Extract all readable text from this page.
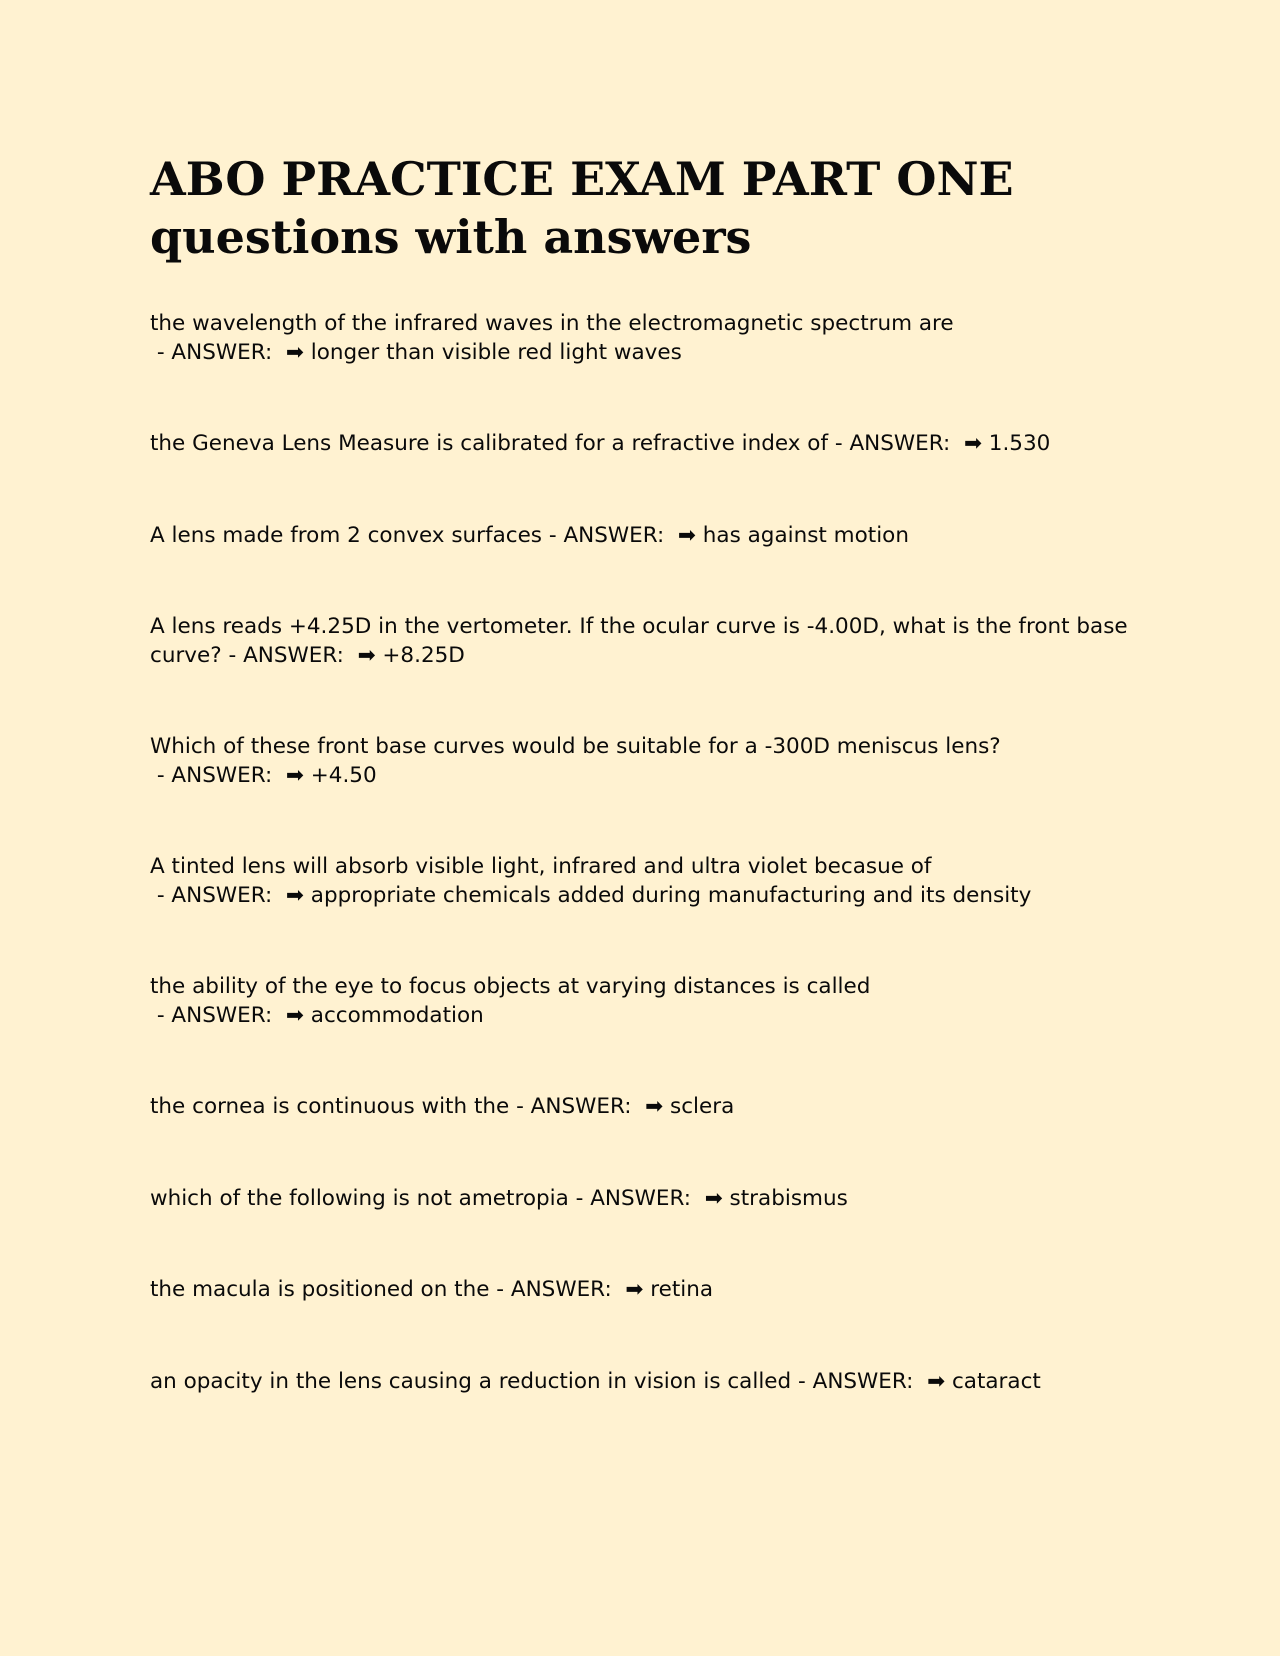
ABO PRACTICE EXAM PART ONE
questions with answers

the wavelength of the infrared waves in the electromagnetic spectrum are - ANSWER:  ➡ longer than visible red light waves

the Geneva Lens Measure is calibrated for a refractive index of - ANSWER:  ➡ 1.530

A lens made from 2 convex surfaces - ANSWER:  ➡ has against motion

A lens reads +4.25D in the vertometer. If the ocular curve is -4.00D, what is the front base curve? - ANSWER:  ➡ +8.25D

Which of these front base curves would be suitable for a -300D meniscus lens? - ANSWER:  ➡ +4.50

A tinted lens will absorb visible light, infrared and ultra violet becasue of - ANSWER:  ➡ appropriate chemicals added during manufacturing and its density

the ability of the eye to focus objects at varying distances is called - ANSWER:  ➡ accommodation

the cornea is continuous with the - ANSWER:  ➡ sclera

which of the following is not ametropia - ANSWER:  ➡ strabismus

the macula is positioned on the - ANSWER:  ➡ retina

an opacity in the lens causing a reduction in vision is called - ANSWER:  ➡ cataract
